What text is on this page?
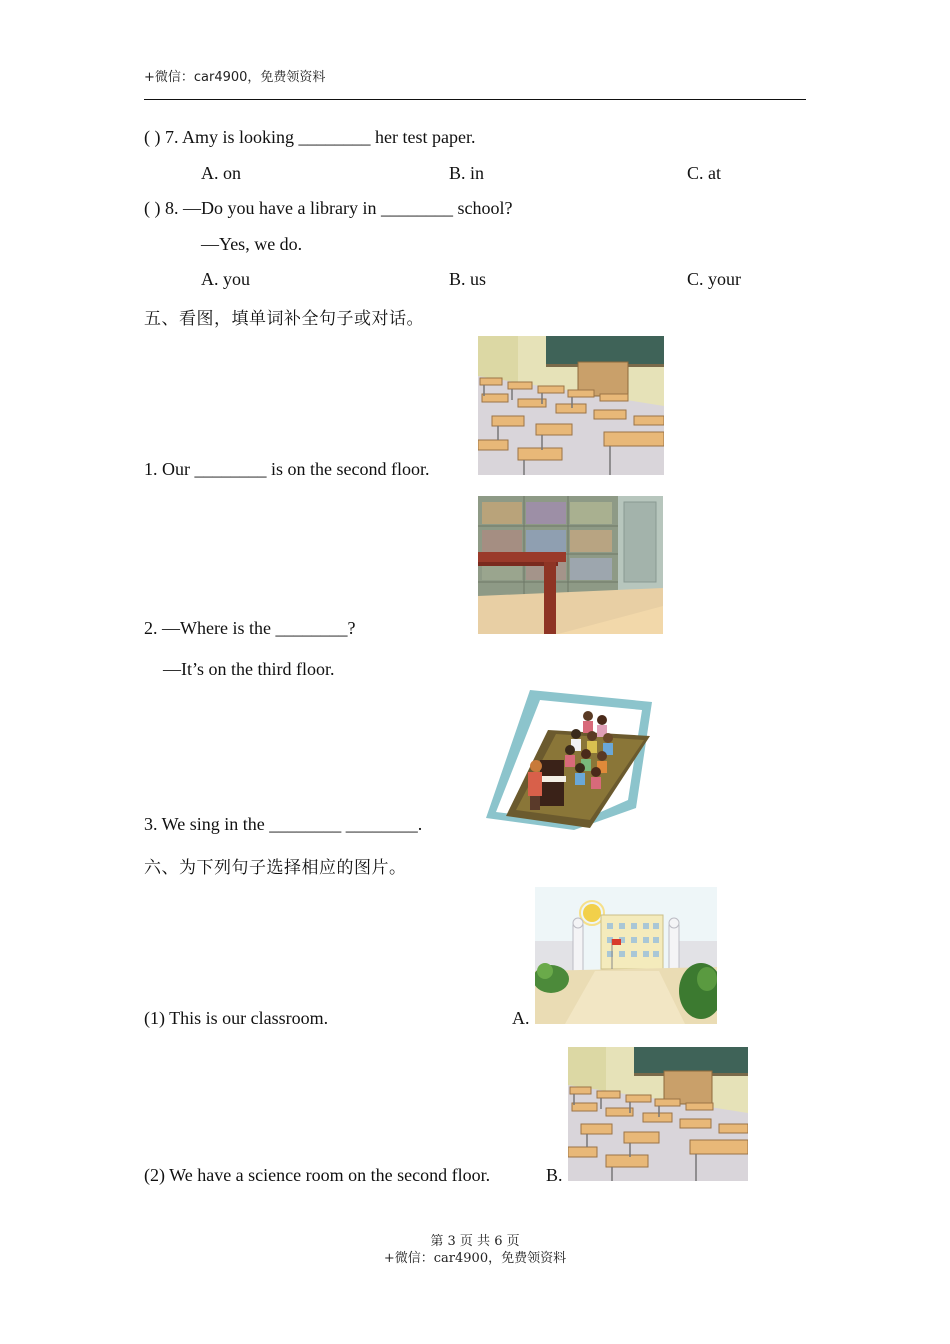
+微信：car4900，免费领资料
( ) 7. Amy is looking ________ her test paper.
A. on	B. in	C. at
( ) 8. —Do you have a library in ________ school?
—Yes, we do.
A. you	B. us	C. your
五、看图，填单词补全句子或对话。
1. Our ________ is on the second floor.
2. —Where is the ________?
—It’s on the third floor.
3. We sing in the ________ ________.
六、为下列句子选择相应的图片。
(1) This is our classroom.	A.
(2) We have a science room on the second floor.	B.
第 3 页 共 6 页
+微信：car4900，免费领资料
